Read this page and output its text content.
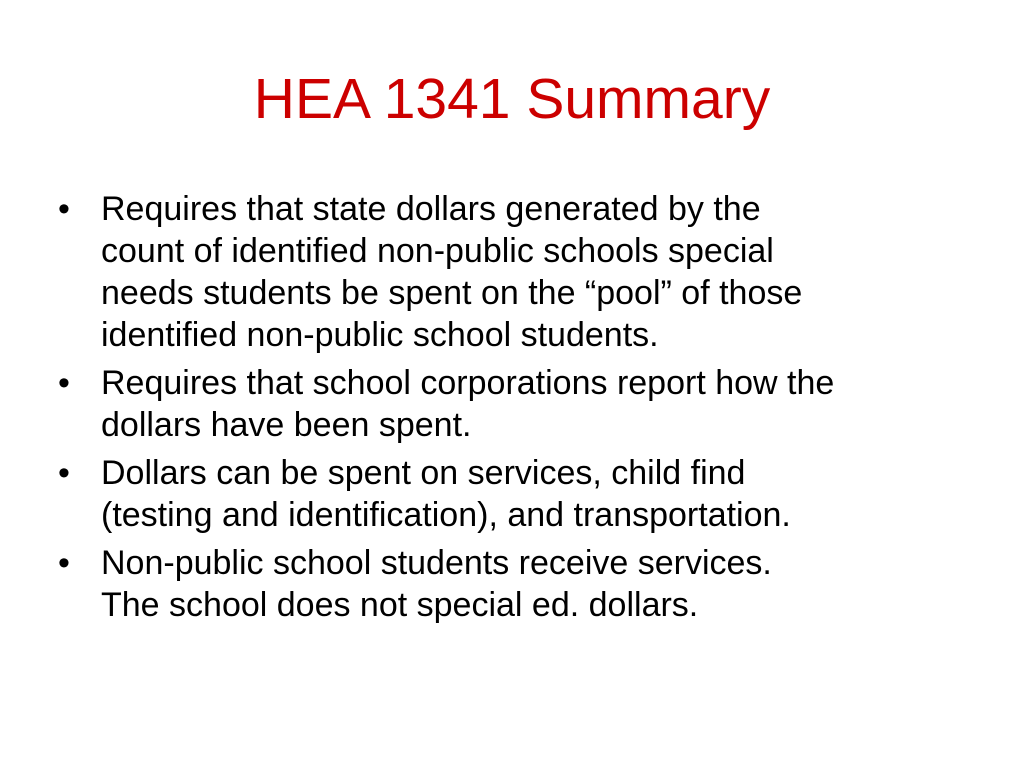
HEA 1341 Summary
• Requires that state dollars generated by the
count of identified non-public schools special
needs students be spent on the “pool” of those
identified non-public school students.
• Requires that school corporations report how the
dollars have been spent.
• Dollars can be spent on services, child find
(testing and identification), and transportation.
• Non-public school students receive services.
The school does not special ed. dollars.
